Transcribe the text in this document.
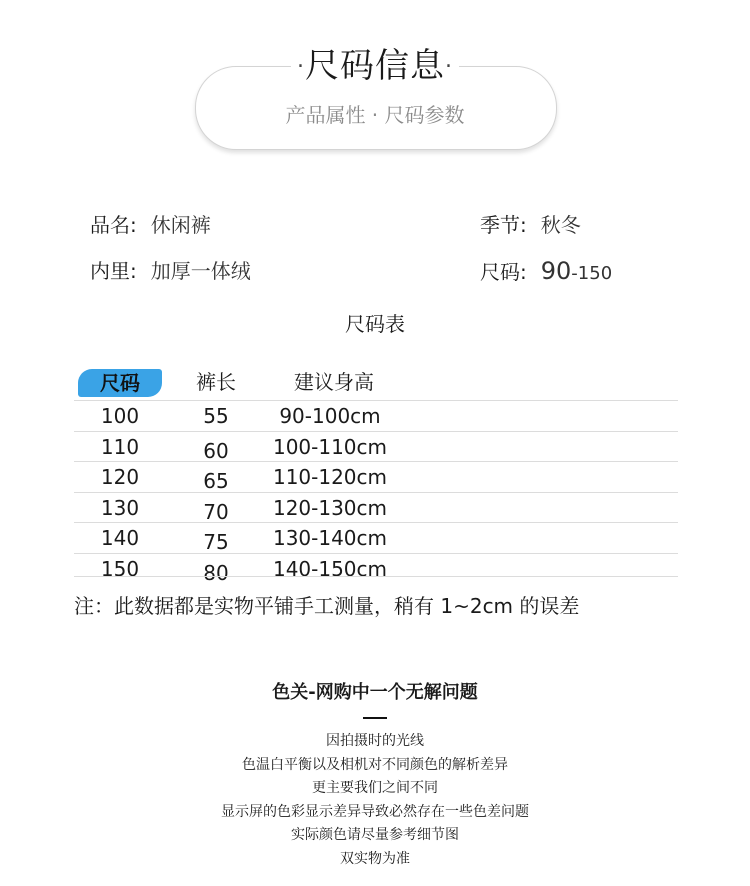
·尺码信息·
产品属性 · 尺码参数
品名: 休闲裤	季节: 秋冬
内里: 加厚一体绒	尺码: 90-150
尺码表
尺码	裤长	建议身高
100	55	90-100cm
110	60	100-110cm
120	65	110-120cm
130	70	120-130cm
140	75	130-140cm
150	80	140-150cm
注：此数据都是实物平铺手工测量，稍有 1~2cm 的误差
色关-网购中一个无解问题
因拍摄时的光线
色温白平衡以及相机对不同颜色的解析差异
更主要我们之间不同
显示屏的色彩显示差异导致必然存在一些色差问题
实际颜色请尽量参考细节图
双实物为准
